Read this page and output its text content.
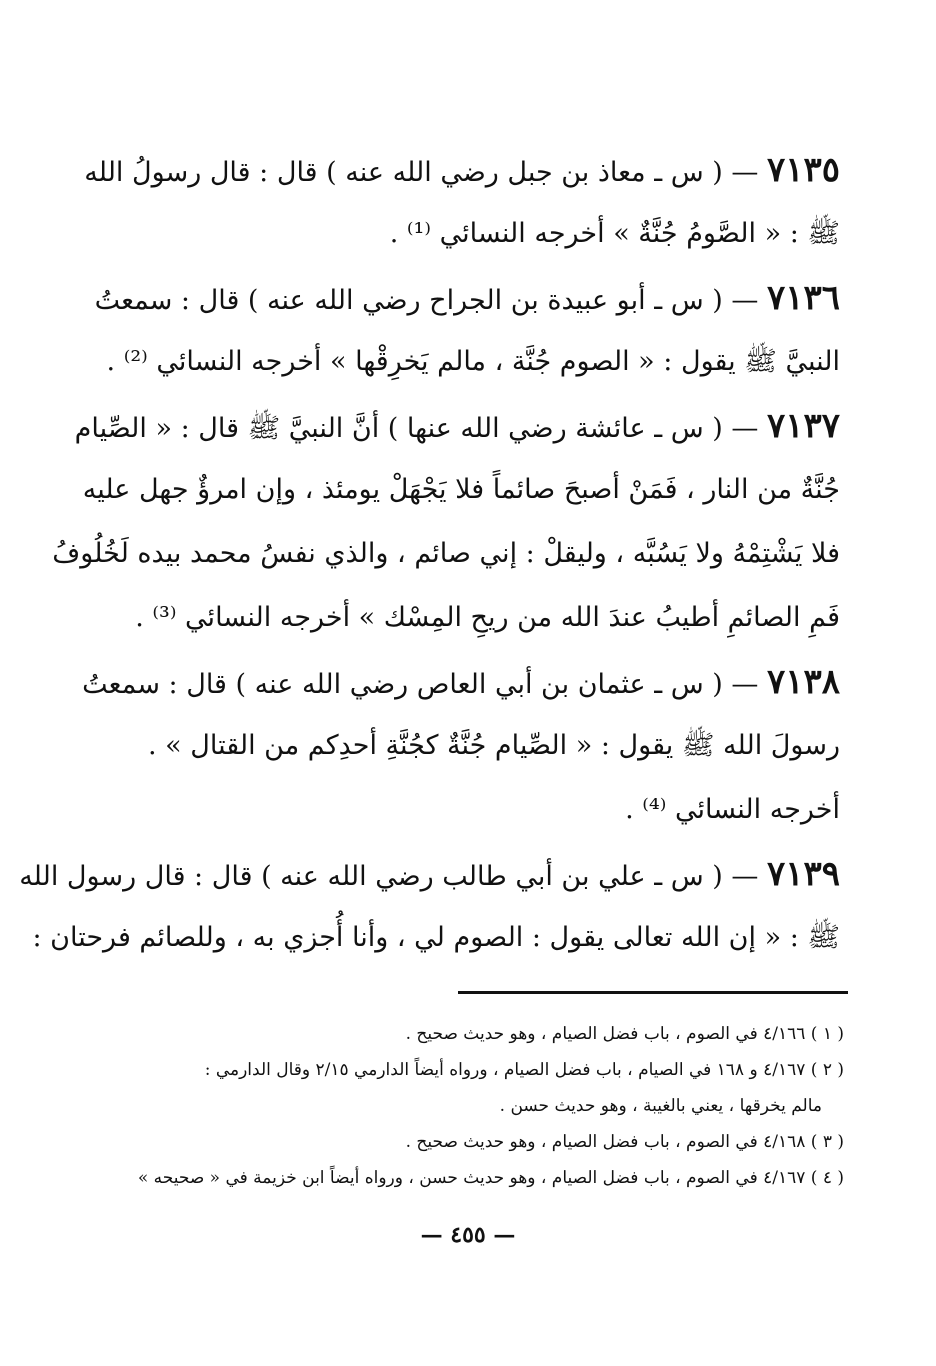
٧١٣٥ — ( س ـ معاذ بن جبل رضي الله عنه ) قال : قال رسولُ الله
ﷺ : « الصَّومُ جُنَّةٌ » أخرجه النسائي ⁽¹⁾ .
٧١٣٦ — ( س ـ أبو عبيدة بن الجراح رضي الله عنه ) قال : سمعتُ
النبيَّ ﷺ يقول : « الصوم جُنَّة ، مالم يَخرِقْها » أخرجه النسائي ⁽²⁾ .
٧١٣٧ — ( س ـ عائشة رضي الله عنها ) أنَّ النبيَّ ﷺ قال : « الصِّيام
جُنَّةٌ من النار ، فَمَنْ أصبحَ صائماً فلا يَجْهَلْ يومئذ ، وإن امرؤٌ جهل عليه
فلا يَشْتِمْهُ ولا يَسُبَّه ، وليقلْ : إني صائم ، والذي نفسُ محمد بيده لَخُلُوفُ
فَمِ الصائمِ أطيبُ عندَ الله من ريحِ المِسْك » أخرجه النسائي ⁽³⁾ .
٧١٣٨ — ( س ـ عثمان بن أبي العاص رضي الله عنه ) قال : سمعتُ
رسولَ الله ﷺ يقول : « الصِّيام جُنَّةٌ كجُنَّةِ أحدِكم من القتال » .
أخرجه النسائي ⁽⁴⁾ .
٧١٣٩ — ( س ـ علي بن أبي طالب رضي الله عنه ) قال : قال رسول الله
ﷺ : « إن الله تعالى يقول : الصوم لي ، وأنا أُجزي به ، وللصائم فرحتان :
( ١ ) ٤/١٦٦ في الصوم ، باب فضل الصيام ، وهو حديث صحيح .
( ٢ ) ٤/١٦٧ و ١٦٨ في الصيام ، باب فضل الصيام ، ورواه أيضاً الدارمي ٢/١٥ وقال الدارمي :
مالم يخرقها ، يعني بالغيبة ، وهو حديث حسن .
( ٣ ) ٤/١٦٨ في الصوم ، باب فضل الصيام ، وهو حديث صحيح .
( ٤ ) ٤/١٦٧ في الصوم ، باب فضل الصيام ، وهو حديث حسن ، ورواه أيضاً ابن خزيمة في « صحيحه »
— ٤٥٥ —
